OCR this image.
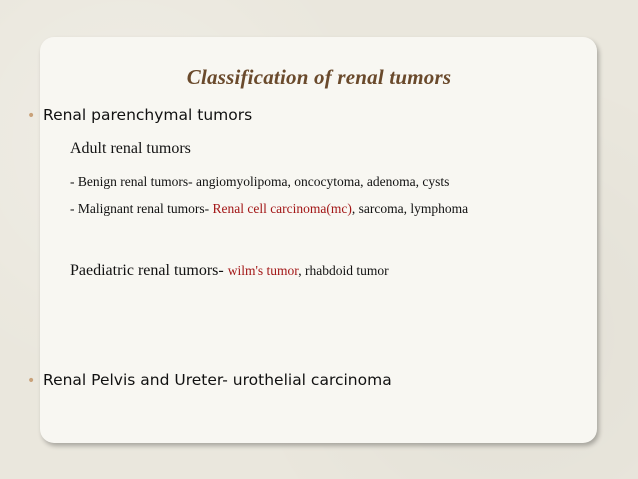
Classification of renal tumors
• Renal parenchymal tumors
Adult renal tumors
- Benign renal tumors- angiomyolipoma, oncocytoma, adenoma, cysts
- Malignant renal tumors- Renal cell carcinoma(mc), sarcoma, lymphoma
Paediatric renal tumors- wilm's tumor, rhabdoid tumor
• Renal Pelvis and Ureter- urothelial carcinoma
